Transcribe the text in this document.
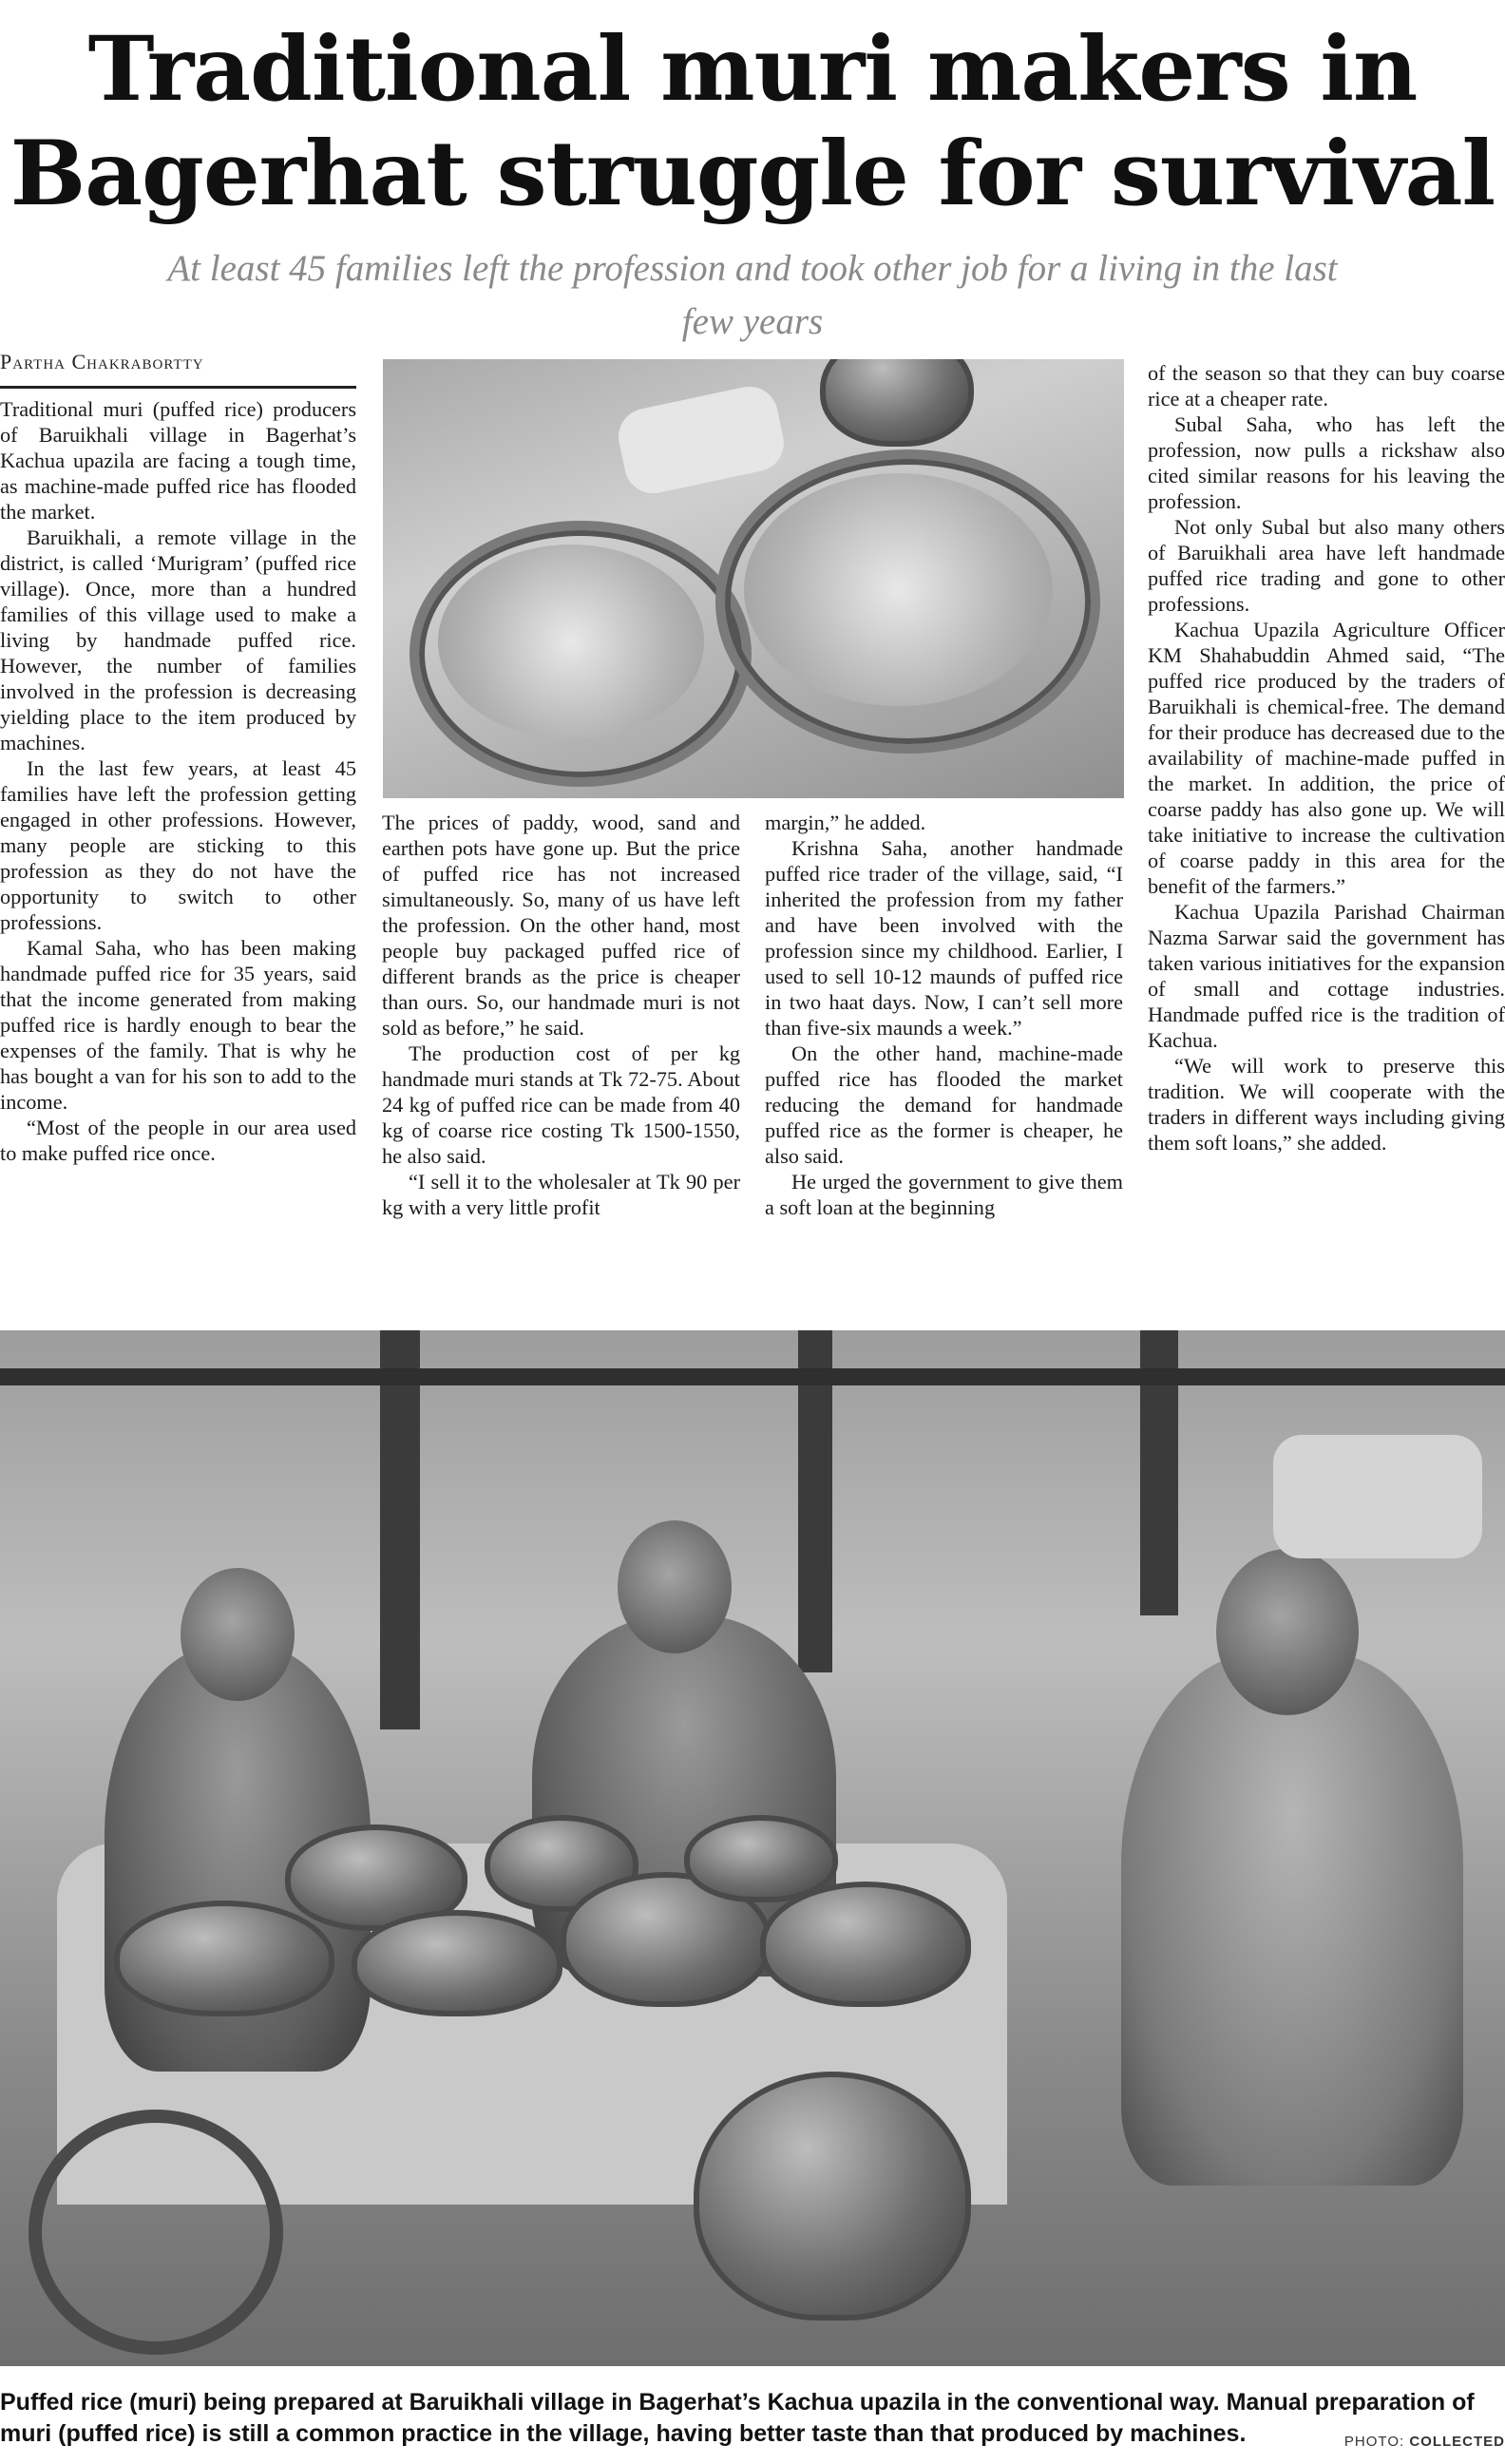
Traditional muri makers in
Bagerhat struggle for survival
At least 45 families left the profession and took other job for a living in the last few years
Partha Chakrabortty

Traditional muri (puffed rice) producers of Baruikhali village in Bagerhat’s Kachua upazila are facing a tough time, as machine-made puffed rice has flooded the market.

Baruikhali, a remote village in the district, is called ‘Murigram’ (puffed rice village). Once, more than a hundred families of this village used to make a living by handmade puffed rice. However, the number of families involved in the profession is decreasing yielding place to the item produced by machines.

In the last few years, at least 45 families have left the profession getting engaged in other professions. However, many people are sticking to this profession as they do not have the opportunity to switch to other professions.

Kamal Saha, who has been making handmade puffed rice for 35 years, said that the income generated from making puffed rice is hardly enough to bear the expenses of the family. That is why he has bought a van for his son to add to the income.

“Most of the people in our area used to make puffed rice once.

The prices of paddy, wood, sand and earthen pots have gone up. But the price of puffed rice has not increased simultaneously. So, many of us have left the profession. On the other hand, most people buy packaged puffed rice of different brands as the price is cheaper than ours. So, our handmade muri is not sold as before,” he said.

The production cost of per kg handmade muri stands at Tk 72-75. About 24 kg of puffed rice can be made from 40 kg of coarse rice costing Tk 1500-1550, he also said.

“I sell it to the wholesaler at Tk 90 per kg with a very little profit

margin,” he added.

Krishna Saha, another handmade puffed rice trader of the village, said, “I inherited the profession from my father and have been involved with the profession since my childhood. Earlier, I used to sell 10-12 maunds of puffed rice in two haat days. Now, I can’t sell more than five-six maunds a week.”

On the other hand, machine-made puffed rice has flooded the market reducing the demand for handmade puffed rice as the former is cheaper, he also said.

He urged the government to give them a soft loan at the beginning

of the season so that they can buy coarse rice at a cheaper rate.

Subal Saha, who has left the profession, now pulls a rickshaw also cited similar reasons for his leaving the profession.

Not only Subal but also many others of Baruikhali area have left handmade puffed rice trading and gone to other professions.

Kachua Upazila Agriculture Officer KM Shahabuddin Ahmed said, “The puffed rice produced by the traders of Baruikhali is chemical-free. The demand for their produce has decreased due to the availability of machine-made puffed in the market. In addition, the price of coarse paddy has also gone up. We will take initiative to increase the cultivation of coarse paddy in this area for the benefit of the farmers.”

Kachua Upazila Parishad Chairman Nazma Sarwar said the government has taken various initiatives for the expansion of small and cottage industries. Handmade puffed rice is the tradition of Kachua.

“We will work to preserve this tradition. We will cooperate with the traders in different ways including giving them soft loans,” she added.

Puffed rice (muri) being prepared at Baruikhali village in Bagerhat’s Kachua upazila in the conventional way. Manual preparation of muri (puffed rice) is still a common practice in the village, having better taste than that produced by machines.	PHOTO: COLLECTED
